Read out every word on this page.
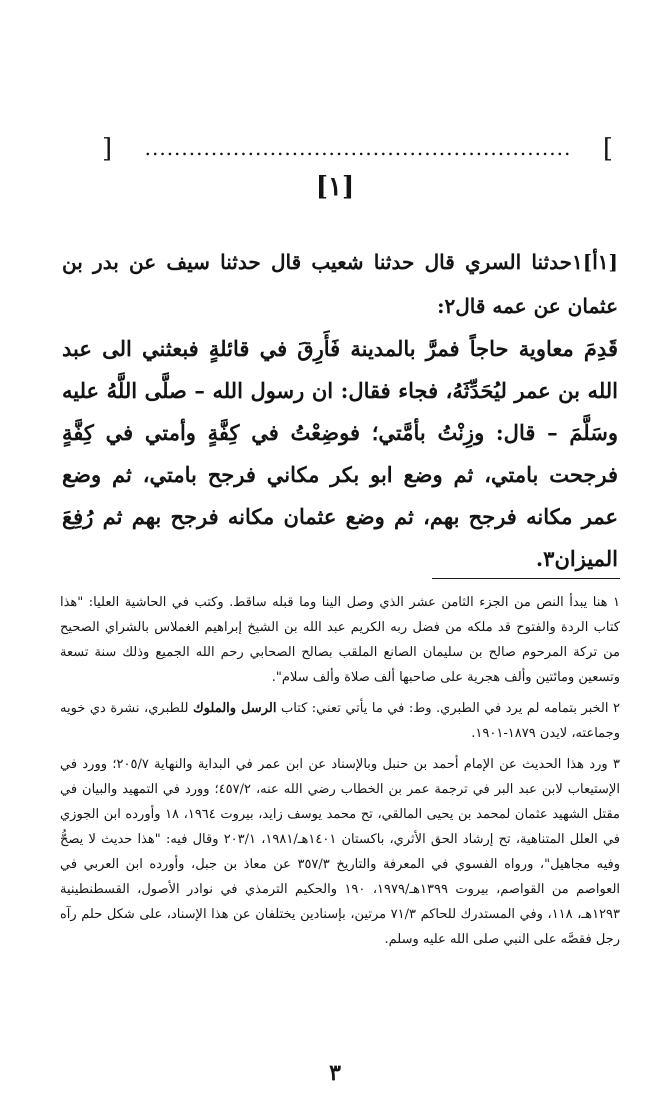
[
..........................................................
]
[١]

[١أ]١حدثنا السري قال حدثنا شعيب قال حدثنا سيف عن بدر بن عثمان عن عمه قال٢:

قَدِمَ معاوية حاجاً فمرَّ بالمدينة فَأَرِقَ في قائلةٍ فبعثني الى عبد الله بن عمر ليُحَدِّثَهُ، فجاء فقال: ان رسول الله – صلَّى اللَّهُ عليه وسَلَّمَ – قال: وزِنْتُ بأمَّتي؛ فوضِعْتُ في كِفَّةٍ وأمتي في كِفَّةٍ فرجحت بامتي، ثم وضع ابو بكر مكاني فرجح بامتي، ثم وضع عمر مكانه فرجح بهم، ثم وضع عثمان مكانه فرجح بهم ثم رُفِعَ الميزان٣.

١ هنا يبدأ النص من الجزء الثامن عشر الذي وصل الينا وما قبله ساقط. وكتب في الحاشية العليا: "هذا كتاب الردة والفتوح قد ملكه من فضل ربه الكريم عبد الله بن الشيخ إبراهيم الغملاس بالشراي الصحيح من تركة المرحوم صالح بن سليمان الصانع الملقب بصالح الصحابي رحم الله الجميع وذلك سنة تسعة وتسعين ومائتين وألف هجرية على صاحبها ألف صلاة وألف سلام".

٢ الخبر بتمامه لم يرد في الطبري. وط: في ما يأتي تعني: كتاب الرسل والملوك للطبري، نشرة دي خويه وجماعته، لايدن ١٨٧٩-١٩٠١.

٣ ورد هذا الحديث عن الإمام أحمد بن حنبل وبالإسناد عن ابن عمر في البداية والنهاية ٢٠٥/٧؛ وورد في الإستيعاب لابن عبد البر في ترجمة عمر بن الخطاب رضي الله عنه، ٤٥٧/٢؛ وورد في التمهيد والبيان في مقتل الشهيد عثمان لمحمد بن يحيى المالقي، تح محمد يوسف زايد، بيروت ١٩٦٤، ١٨ وأورده ابن الجوزي في العلل المتناهية، تح إرشاد الحق الأثري، باكستان ١٤٠١هـ/١٩٨١، ٢٠٣/١ وقال فيه: "هذا حديث لا يصحُّ وفيه مجاهيل"، ورواه الفسوي في المعرفة والتاريخ ٣٥٧/٣ عن معاذ بن جبل، وأورده ابن العربي في العواصم من القواصم، بيروت ١٣٩٩هـ/١٩٧٩، ١٩٠ والحكيم الترمذي في نوادر الأصول، القسطنطينية ١٢٩٣هـ، ١١٨، وفي المستدرك للحاكم ٧١/٣ مرتين، بإسنادين يختلفان عن هذا الإسناد، على شكل حلم رآه رجل فقصَّه على النبي صلى الله عليه وسلم.

٣
